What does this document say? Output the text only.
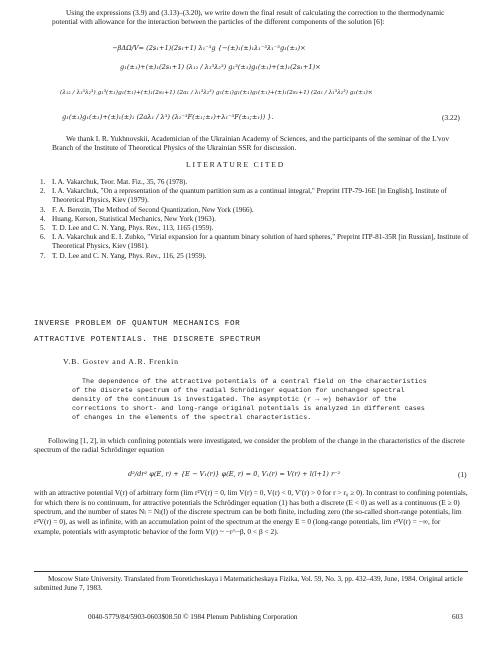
Using the expressions (3.9) and (3.13)–(3.20), we write down the final result of calculating the correction to the thermodynamic potential with allowance for the interaction between the particles of the different components of the solution [6]:
−βΔΩ/V= (2s₁+1)(2s₁+1) λ₁⁻³g {−(±)₁(±)₁λ₁⁻³λ₁⁻³g₁(±₁)×
g₁(±₁)+(±)₁(2s₁+1) (λ₁₂ / λ₁³λ₂³) g₁³(±₁)g₁(±₁)+(±)₁(2s₁+1)×
(λ₁₂ / λ₁³λ₂³) g₁³(±₁)g₁(±₁)+(±)₁(2s₁+1) (2a₁ / λ₁³λ₂³) g₁(±₁)g₁(±₁)g₁(±₁)+(±)₁(2s₁+1) (2a₁ / λ₁³λ₂³) g₁(±₁)×
g₁(±₁)g₁(±₁)+(±)₁(±)₁ (2aλ₁ / λ³) (λ₁⁻³F(±₁;±₁)+λ₁⁻³F(±₁;±₁)) }.	(3.22)
We thank I. R. Yukhnovskii, Academician of the Ukrainian Academy of Sciences, and the participants of the seminar of the L'vov Branch of the Institute of Theoretical Physics of the Ukrainian SSR for discussion.
LITERATURE CITED
1. I. A. Vakarchuk, Teor. Mat. Fiz., 35, 76 (1978).
2. I. A. Vakarchuk, "On a representation of the quantum partition sum as a continual integral," Preprint ITP-79-16E [in English], Institute of Theoretical Physics, Kiev (1979).
3. F. A. Berezin, The Method of Second Quantization, New York (1966).
4. Huang, Kerson, Statistical Mechanics, New York (1963).
5. T. D. Lee and C. N. Yang, Phys. Rev., 113, 1165 (1959).
6. I. A. Vakarchuk and E. I. Zubko, "Virial expansion for a quantum binary solution of hard spheres," Preprint ITP-81-35R [in Russian], Institute of Theoretical Physics, Kiev (1981).
7. T. D. Lee and C. N. Yang, Phys. Rev., 116, 25 (1959).
INVERSE PROBLEM OF QUANTUM MECHANICS FOR
ATTRACTIVE POTENTIALS. THE DISCRETE SPECTRUM
V.B. Gostev and A.R. Frenkin
The dependence of the attractive potentials of a central field on the characteristics of the discrete spectrum of the radial Schrödinger equation for unchanged spectral density of the continuum is investigated. The asymptotic (r → ∞) behavior of the corrections to short- and long-range original potentials is analyzed in different cases of changes in the elements of the spectral characteristics.
Following [1, 2], in which confining potentials were investigated, we consider the problem of the change in the characteristics of the discrete spectrum of the radial Schrödinger equation
d²/dr² φ(E, r) + {E − V₁(r)} φ(E, r) = 0, V₁(r) = V(r) + l(l+1) r⁻²	(1)
with an attractive potential V(r) of arbitrary form (lim r²V(r) = 0, lim V(r) = 0, V(r) < 0, V′(r) > 0 for r > r₀ ≥ 0). In contrast to confining potentials, for which there is no continuum, for attractive potentials the Schrödinger equation (1) has both a discrete (E < 0) as well as a continuous (E ≥ 0) spectrum, and the number of states Nₗ = Nₗ(l) of the discrete spectrum can be both finite, including zero (the so-called short-range potentials, lim r²V(r) = 0), as well as infinite, with an accumulation point of the spectrum at the energy E = 0 (long-range potentials, lim r²V(r) = −∞, for example, potentials with asymptotic behavior of the form V(r) ~ −r^−β, 0 < β < 2).
Moscow State University. Translated from Teoreticheskaya i Matematicheskaya Fizika, Vol. 59, No. 3, pp. 432–439, June, 1984. Original article submitted June 7, 1983.
0040-5779/84/5903-0603$08.50 © 1984 Plenum Publishing Corporation	603
